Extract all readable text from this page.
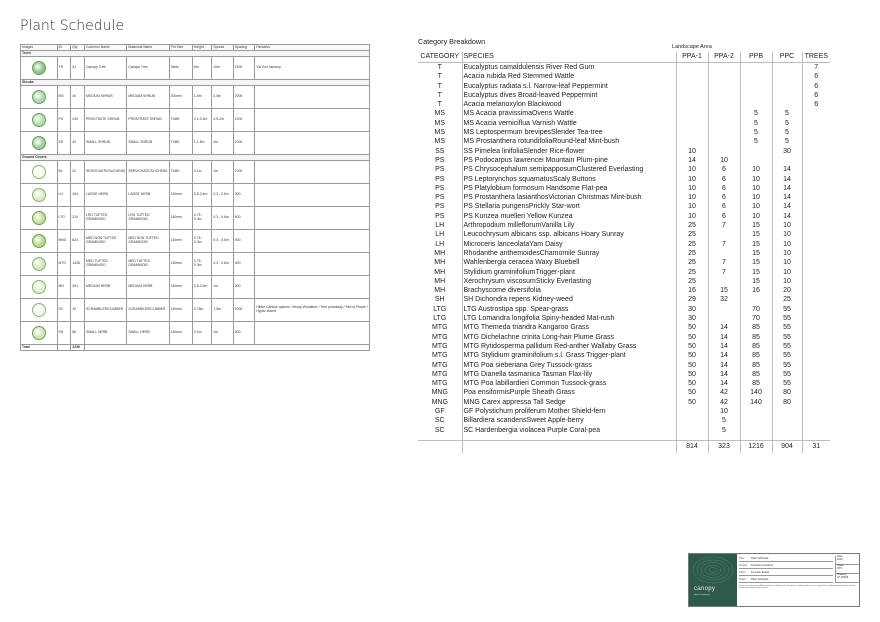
Plant Schedule
Images	ID	Qty	Common Name	Botanical Name	Pot Size	Height	Spread	Spacing	Remarks
Trees									

	TR	31	Canopy Tree	Canopy Tree	Table	8m	10m	1500	VIc Eco Nursery
Shrubs									

	MS	40	MEDIUM SHRUB	MEDIUM SHRUB	200mm	1-5m	2-5m	2000	

	PS	240	PROSTRATE SHRUB	PROSTRATE SHRUB	TUBE	0.1-0.3m	0.5-2m	1000	

	SS	40	SMALL SHRUB	SMALL SHRUB	TUBE	1-1.5m	2m	1000	
Ground Covers									

	BL	20	SERVICHATE/SLICHENS	SERVICHATE/SLICHENS	TUBE	0.1m	1m	1000	

	LH	164	LARGE HERB	LARGE HERB	140mm	0.5-0.4m	0.3 - 0.6m	300	

	LTG	310	LRG TUFTED GRAMINOID	LRG TUFTED GRAMINOID	140mm	0.75 - 0.3m	0.3 - 0.6m	600	

	MNG	624	MED NON TUFTED GRAMINOID	MED NON TUFTED GRAMINOID	140mm	0.75 - 0.3m	0.3 - 0.6m	400	

	MTG	1428	MED TUFTED GRAMINOID	MED TUFTED GRAMINOID	140mm	0.75 - 0.3m	0.3 - 0.6m	400	

	MH	261	MEDIUM HERB	MEDIUM HERB	140mm	0.5-0.3m	1m	300	

	SC	10	SCRAMBLER/CLIMBER	SCRAMBLER/CLIMBER	140mm	0.75m	1.5m	1000	Hibbe Cahisor options: Yeloop Wonderer / Tree protoksaji / Sea of Purple / Hyptic Monet

	SH	86	SMALL HERB	SMALL HERB	140mm	0.1m	1m	300	
Total		3256							
Category Breakdown
Landscape Area
CATEGORY	SPECIES	PPA-1	PPA-2	PPB	PPC	TREES
T	Eucalyptus camaldulensis River Red Gum					7
T	Acacia rubida Red Stemmed Wattle					6
T	Eucalyptus radiata s.l. Narrow-leaf Peppermint					6
T	Eucalyptus dives Broad-leaved Peppermint					6
T	Acacia melanoxylon Blackwood					6
MS	MS Acacia pravissimaOvens Wattle			5	5	
MS	MS Acacia verniciflua Varnish Wattle			5	5	
MS	MS Leptospermum brevipesSlender Tea-tree			5	5	
MS	MS Prostanthera rotundifoliaRound-leaf Mint-bush			5	5	
SS	SS Pimelea linifoliaSlender Rice-flower	10			30	
PS	PS Podocarpus lawrencei Mountain Plum-pine	14	10			
PS	PS Chrysocephalum semipapposumClustered Everlasting	10	6	10	14	
PS	PS Leptorynchos squamatusScaly Buttons	10	6	10	14	
PS	PS Platylobium formosum Handsome Flat-pea	10	6	10	14	
PS	PS Prostanthera lasianthosVictorian Christmas Mint-bush	10	6	10	14	
PS	PS Stellaria pungensPrickly Star-wort	10	6	10	14	
PS	PS Kunzea muelleri Yellow Kunzea	10	6	10	14	
LH	Arthropodium milleflorumVanilla Lily	25	7	15	10	
LH	Leucochrysum albicans ssp. albicans Hoary Sunray	25		15	10	
LH	Microceris lanceolataYam Daisy	25	7	15	10	
MH	Rhodanthe anthemoidesChamomile Sunray	25		15	10	
MH	Wahlenbergia ceracea Waxy Bluebell	25	7	15	10	
MH	Stylidium graminifoliumTrigger-plant	25	7	15	10	
MH	Xerochrysum viscosumSticky Everlasting	25		15	10	
MH	Brachyscome diversifolia	16	15	16	20	
SH	SH Dichondra repens Kidney-weed	29	32		25	
LTG	LTG Austrostipa spp. Spear-grass	30		70	55	
LTG	LTG Lomandra longifolia Spiny-headed Mat-rush	30		70	55	
MTG	MTG Themeda triandra Kangaroo Grass	50	14	85	55	
MTG	MTG Dichelachne crinita Long-hair Plume Grass	50	14	85	55	
MTG	MTG Rytidosperma pallidum Red-anther Wallaby Grass	50	14	85	55	
MTG	MTG Stylidium graminifolium s.l. Grass Trigger-plant	50	14	85	55	
MTG	MTG Poa sieberiana Grey Tussock-grass	50	14	85	55	
MTG	MTG Dianella tasmanica Tasman Flax-lily	50	14	85	55	
MTG	MTG Poa labillardieri Common Tussock-grass	50	14	85	55	
MNG	Poa ensiformisPurple Sheath Grass	50	42	140	80	
MNG	MNG Carex appressa Tall Sedge	50	42	140	80	
GF	GF Polystichum proliferum Mother Shield-fern		10			
SC	Billardiera scandensSweet Apple-berry		5			
SC	SC Hardenbergia violacea Purple Coral-pea		5			

		814	323	1216	904	31
canopy
plants & landscapes
Do not scale from drawing. All dimensions to be verified on site. Contractor to confirm quantities prior to supply. Refer to landscape specification for planting details and maintenance requirements.
Title	Plant Schedule
Project	Frankston Gardens
Client	Fountain Estate
Drawn	Plant Schedule
Date
2022
Scale
NTS
Drawing
LP-00396
